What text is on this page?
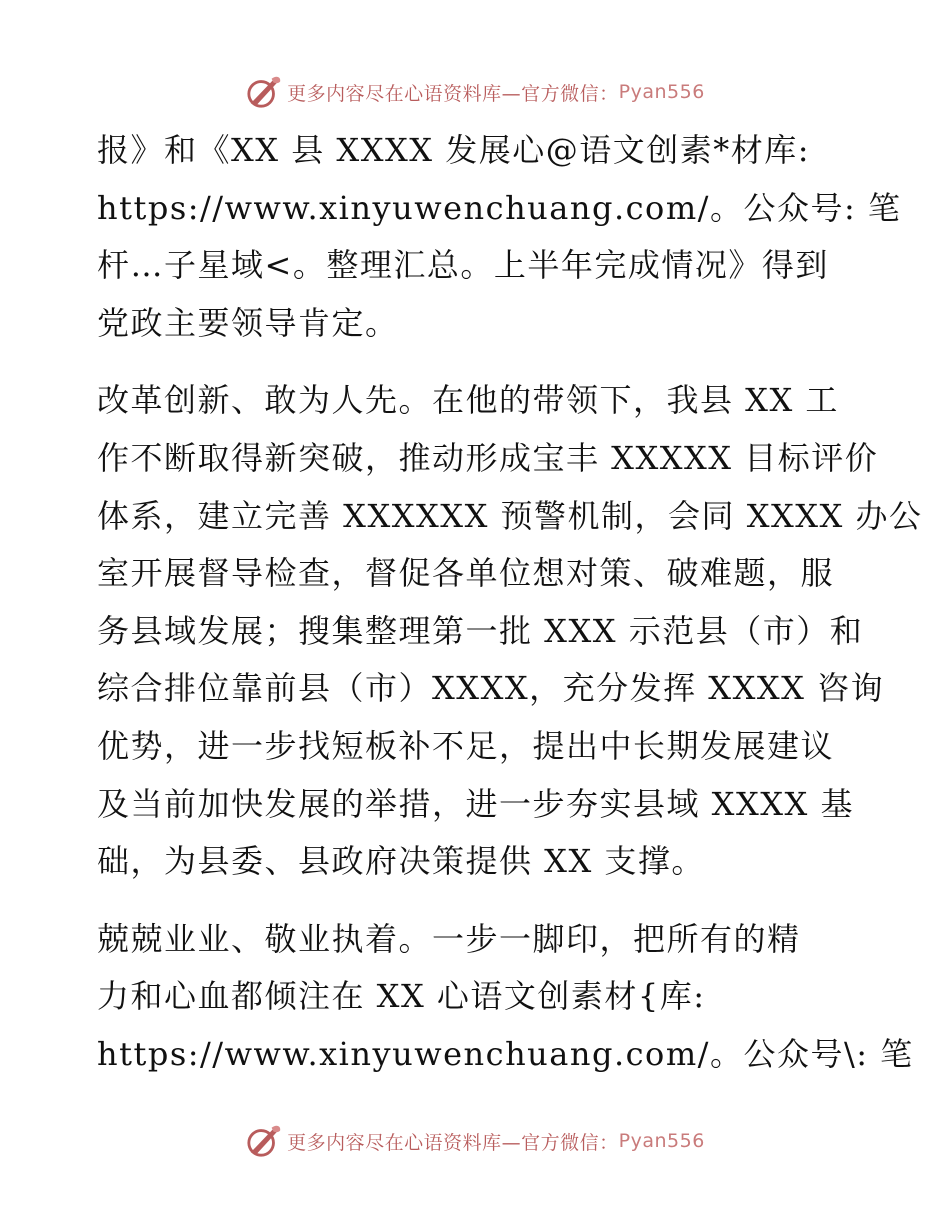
更多内容尽在心语资料库—官方微信： Pyan556
报》和《XX 县 XXXX 发展心@语文创素*材库:
https://www.xinyuwenchuang.com/。公众号: 笔
杆…子星域<。整理汇总。上半年完成情况》得到
党政主要领导肯定。
改革创新、敢为人先。在他的带领下，我县 XX 工
作不断取得新突破，推动形成宝丰 XXXXX 目标评价
体系，建立完善 XXXXXX 预警机制，会同 XXXX 办公
室开展督导检查，督促各单位想对策、破难题，服
务县域发展；搜集整理第一批 XXX 示范县（市）和
综合排位靠前县（市）XXXX，充分发挥 XXXX 咨询
优势，进一步找短板补不足，提出中长期发展建议
及当前加快发展的举措，进一步夯实县域 XXXX 基
础，为县委、县政府决策提供 XX 支撑。
兢兢业业、敬业执着。一步一脚印，把所有的精
力和心血都倾注在 XX 心语文创素材{库:
https://www.xinyuwenchuang.com/。公众号\: 笔
更多内容尽在心语资料库—官方微信： Pyan556
